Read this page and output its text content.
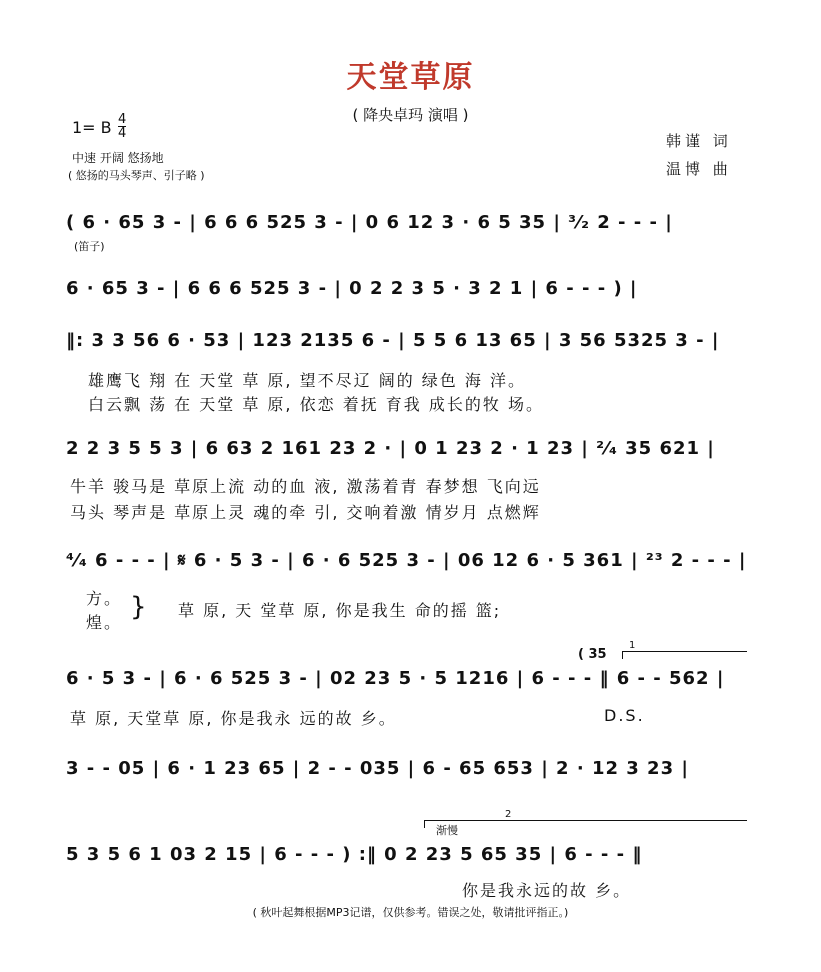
天堂草原
( 降央卓玛 演唱 )
1= B 4
4
中速 开阔 悠扬地
( 悠扬的马头琴声、引子略 )
韩谨 词
温博 曲
( 6 · 65 3 - | 6 6 6 525 3 - | 0 6 12 3 · 6 5 35 | ³⁄₂ 2 - - - |
(笛子)
6 · 65 3 - | 6 6 6 525 3 - | 0 2 2 3 5 · 3 2 1 | 6 - - - ) |
‖: 3 3 56 6 · 53 | 123 2135 6 - | 5 5 6 13 65 | 3 56 5325 3 - |
雄鹰飞 翔 在 天堂 草 原, 望不尽辽 阔的 绿色 海 洋。
白云飘 荡 在 天堂 草 原, 依恋 着抚 育我 成长的牧 场。
2 2 3 5 5 3 | 6 63 2 161 23 2 · | 0 1 23 2 · 1 23 | ²⁄₄ 35 621 |
牛羊 骏马是 草原上流 动的血 液, 激荡着青 春梦想 飞向远
马头 琴声是 草原上灵 魂的牵 引, 交响着激 情岁月 点燃辉
⁴⁄₄ 6 - - - | 𝄋 6 · 5 3 - | 6 · 6 525 3 - | 06 12 6 · 5 361 | ²³ 2 - - - |
方。
煌。
} 草 原, 天 堂草 原, 你是我生 命的摇 篮;
( 35
1
6 · 5 3 - | 6 · 6 525 3 - | 02 23 5 · 5 1216 | 6 - - - ‖ 6 - - 562 |
草 原, 天堂草 原, 你是我永 远的故 乡。	D.S.
3 - - 05 | 6 · 1 23 65 | 2 - - 035 | 6 - 65 653 | 2 · 12 3 23 |
2
渐慢
5 3 5 6 1 03 2 15 | 6 - - - ) :‖ 0 2 23 5 65 35 | 6 - - - ‖
你是我永远的故 乡。
( 秋叶起舞根据MP3记谱，仅供参考。错误之处，敬请批评指正。)
